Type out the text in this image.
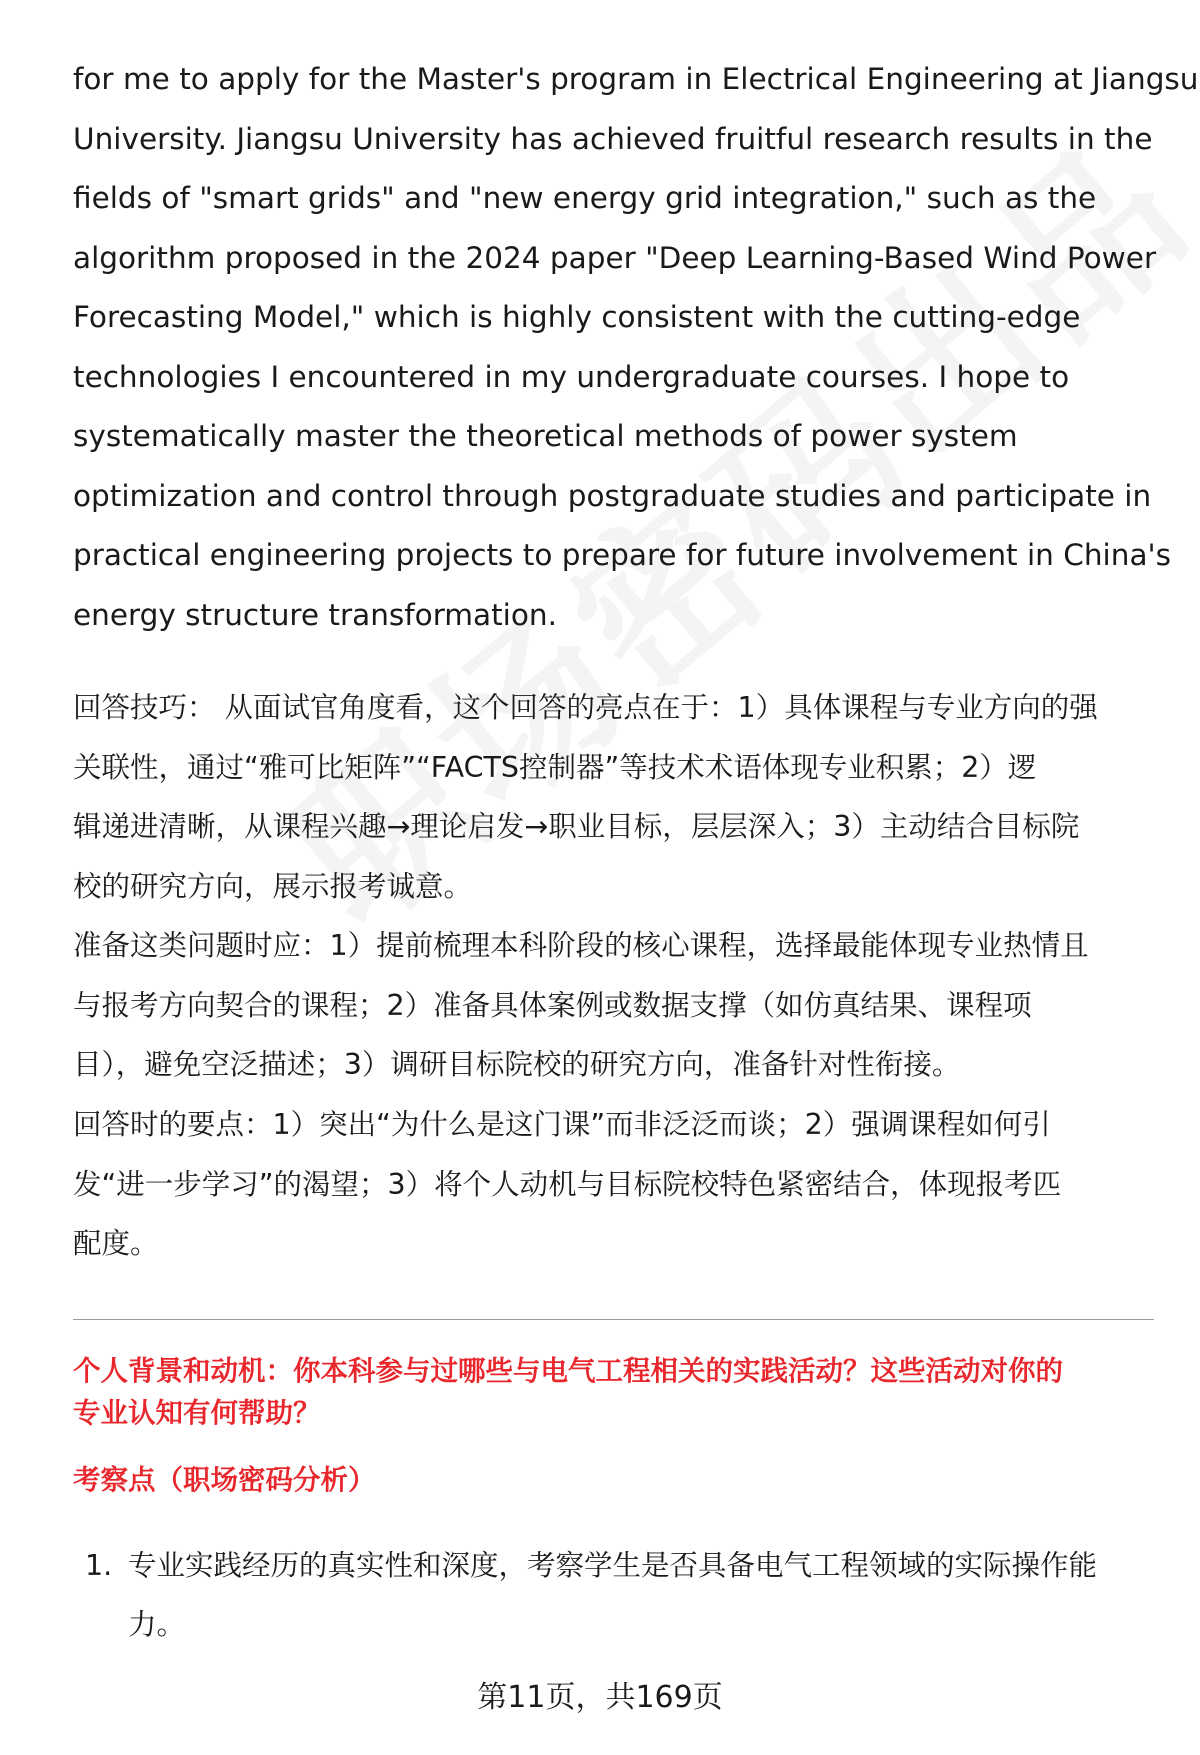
for me to apply for the Master's program in Electrical Engineering at Jiangsu
University. Jiangsu University has achieved fruitful research results in the
fields of "smart grids" and "new energy grid integration," such as the
algorithm proposed in the 2024 paper "Deep Learning-Based Wind Power
Forecasting Model," which is highly consistent with the cutting-edge
technologies I encountered in my undergraduate courses. I hope to
systematically master the theoretical methods of power system
optimization and control through postgraduate studies and participate in
practical engineering projects to prepare for future involvement in China's
energy structure transformation.

回答技巧： 从面试官角度看，这个回答的亮点在于：1）具体课程与专业方向的强
关联性，通过“雅可比矩阵”“FACTS控制器”等技术术语体现专业积累；2）逻
辑递进清晰，从课程兴趣→理论启发→职业目标，层层深入；3）主动结合目标院
校的研究方向，展示报考诚意。

准备这类问题时应：1）提前梳理本科阶段的核心课程，选择最能体现专业热情且
与报考方向契合的课程；2）准备具体案例或数据支撑（如仿真结果、课程项
目），避免空泛描述；3）调研目标院校的研究方向，准备针对性衔接。

回答时的要点：1）突出“为什么是这门课”而非泛泛而谈；2）强调课程如何引
发“进一步学习”的渴望；3）将个人动机与目标院校特色紧密结合，体现报考匹
配度。

个人背景和动机：你本科参与过哪些与电气工程相关的实践活动？这些活动对你的
专业认知有何帮助？
考察点（职场密码分析）
1. 专业实践经历的真实性和深度，考察学生是否具备电气工程领域的实际操作能
力。
第11页，共169页
